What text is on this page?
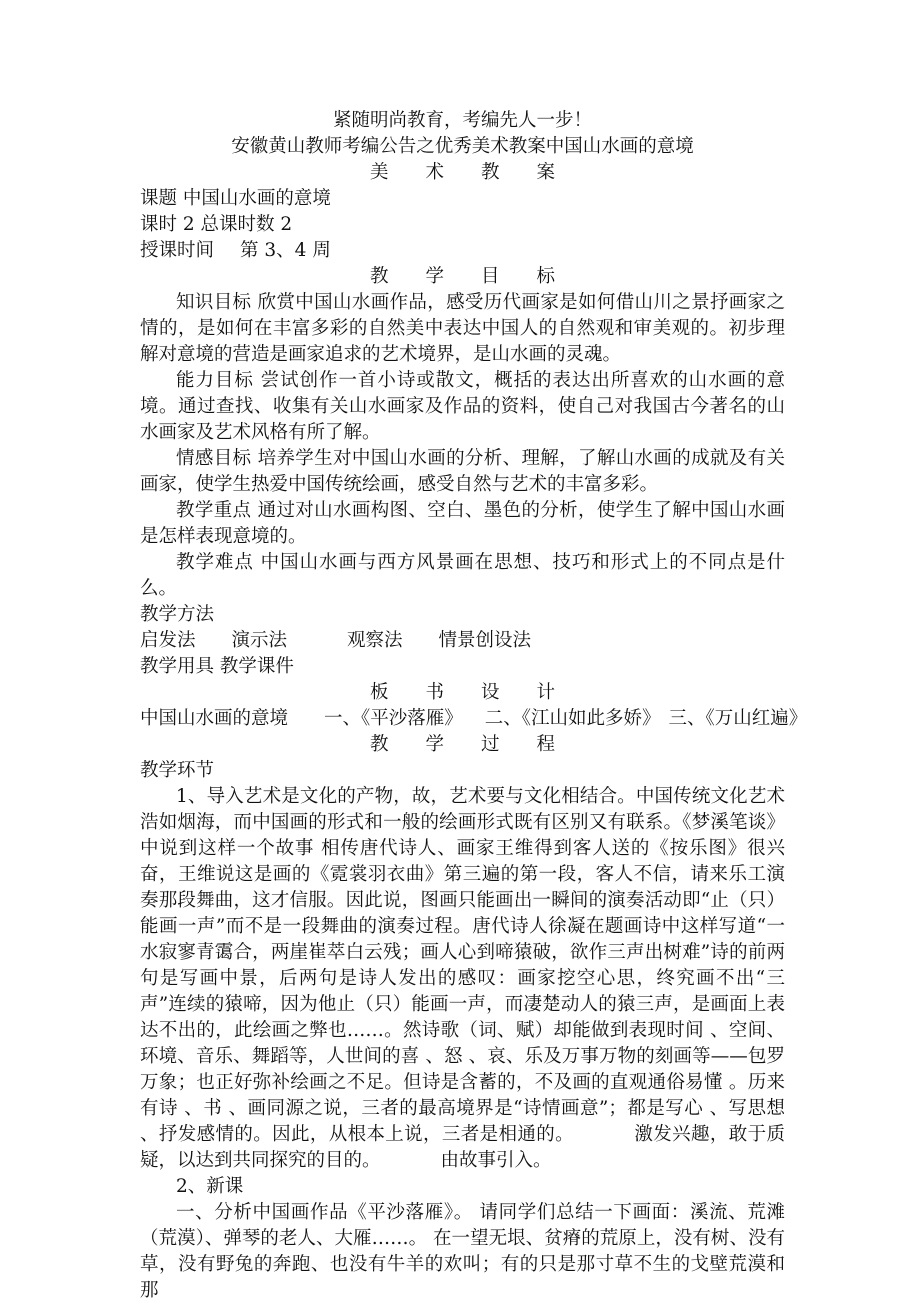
紧随明尚教育，考编先人一步！
安徽黄山教师考编公告之优秀美术教案中国山水画的意境
美　　术　　教　　案
课题 中国山水画的意境
课时 2 总课时数 2
授课时间 第 3、4 周
教　　学　　目　　标

知识目标 欣赏中国山水画作品，感受历代画家是如何借山川之景抒画家之情的，是如何在丰富多彩的自然美中表达中国人的自然观和审美观的。初步理解对意境的营造是画家追求的艺术境界，是山水画的灵魂。

能力目标 尝试创作一首小诗或散文，概括的表达出所喜欢的山水画的意境。通过查找、收集有关山水画家及作品的资料，使自己对我国古今著名的山水画家及艺术风格有所了解。

情感目标 培养学生对中国山水画的分析、理解，了解山水画的成就及有关画家，使学生热爱中国传统绘画，感受自然与艺术的丰富多彩。

教学重点 通过对山水画构图、空白、墨色的分析，使学生了解中国山水画是怎样表现意境的。

教学难点 中国山水画与西方风景画在思想、技巧和形式上的不同点是什么。

教学方法
启发法 演示法	观察法 情景创设法
教学用具 教学课件
板　　书　　设　　计
中国山水画的意境 一、《平沙落雁》 二、《江山如此多娇》 三、《万山红遍》
教　　学　　过　　程
教学环节

1、导入艺术是文化的产物，故，艺术要与文化相结合。中国传统文化艺术浩如烟海，而中国画的形式和一般的绘画形式既有区别又有联系。《梦溪笔谈》中说到这样一个故事 相传唐代诗人、画家王维得到客人送的《按乐图》很兴奋，王维说这是画的《霓裳羽衣曲》第三遍的第一段，客人不信，请来乐工演奏那段舞曲，这才信服。因此说，图画只能画出一瞬间的演奏活动即“止（只）能画一声”而不是一段舞曲的演奏过程。唐代诗人徐凝在题画诗中这样写道“一水寂寥青霭合，两崖崔萃白云残；画人心到啼猿破，欲作三声出树难”诗的前两句是写画中景，后两句是诗人发出的感叹：画家挖空心思，终究画不出“三声”连续的猿啼，因为他止（只）能画一声，而凄楚动人的猿三声，是画面上表达不出的，此绘画之弊也……。然诗歌（词、赋）却能做到表现时间 、空间、环境、音乐、舞蹈等，人世间的喜 、怒 、哀、乐及万事万物的刻画等——包罗万象；也正好弥补绘画之不足。但诗是含蓄的，不及画的直观通俗易懂 。历来有诗 、书 、画同源之说，三者的最高境界是“诗情画意”；都是写心 、写思想 、抒发感情的。因此，从根本上说，三者是相通的。	激发兴趣，敢于质疑，以达到共同探究的目的。	由故事引入。

2、新课

一、分析中国画作品《平沙落雁》。 请同学们总结一下画面：溪流、荒滩（荒漠）、弹琴的老人、大雁……。 在一望无垠、贫瘠的荒原上，没有树、没有草，没有野兔的奔跑、也没有牛羊的欢叫；有的只是那寸草不生的戈壁荒漠和那
